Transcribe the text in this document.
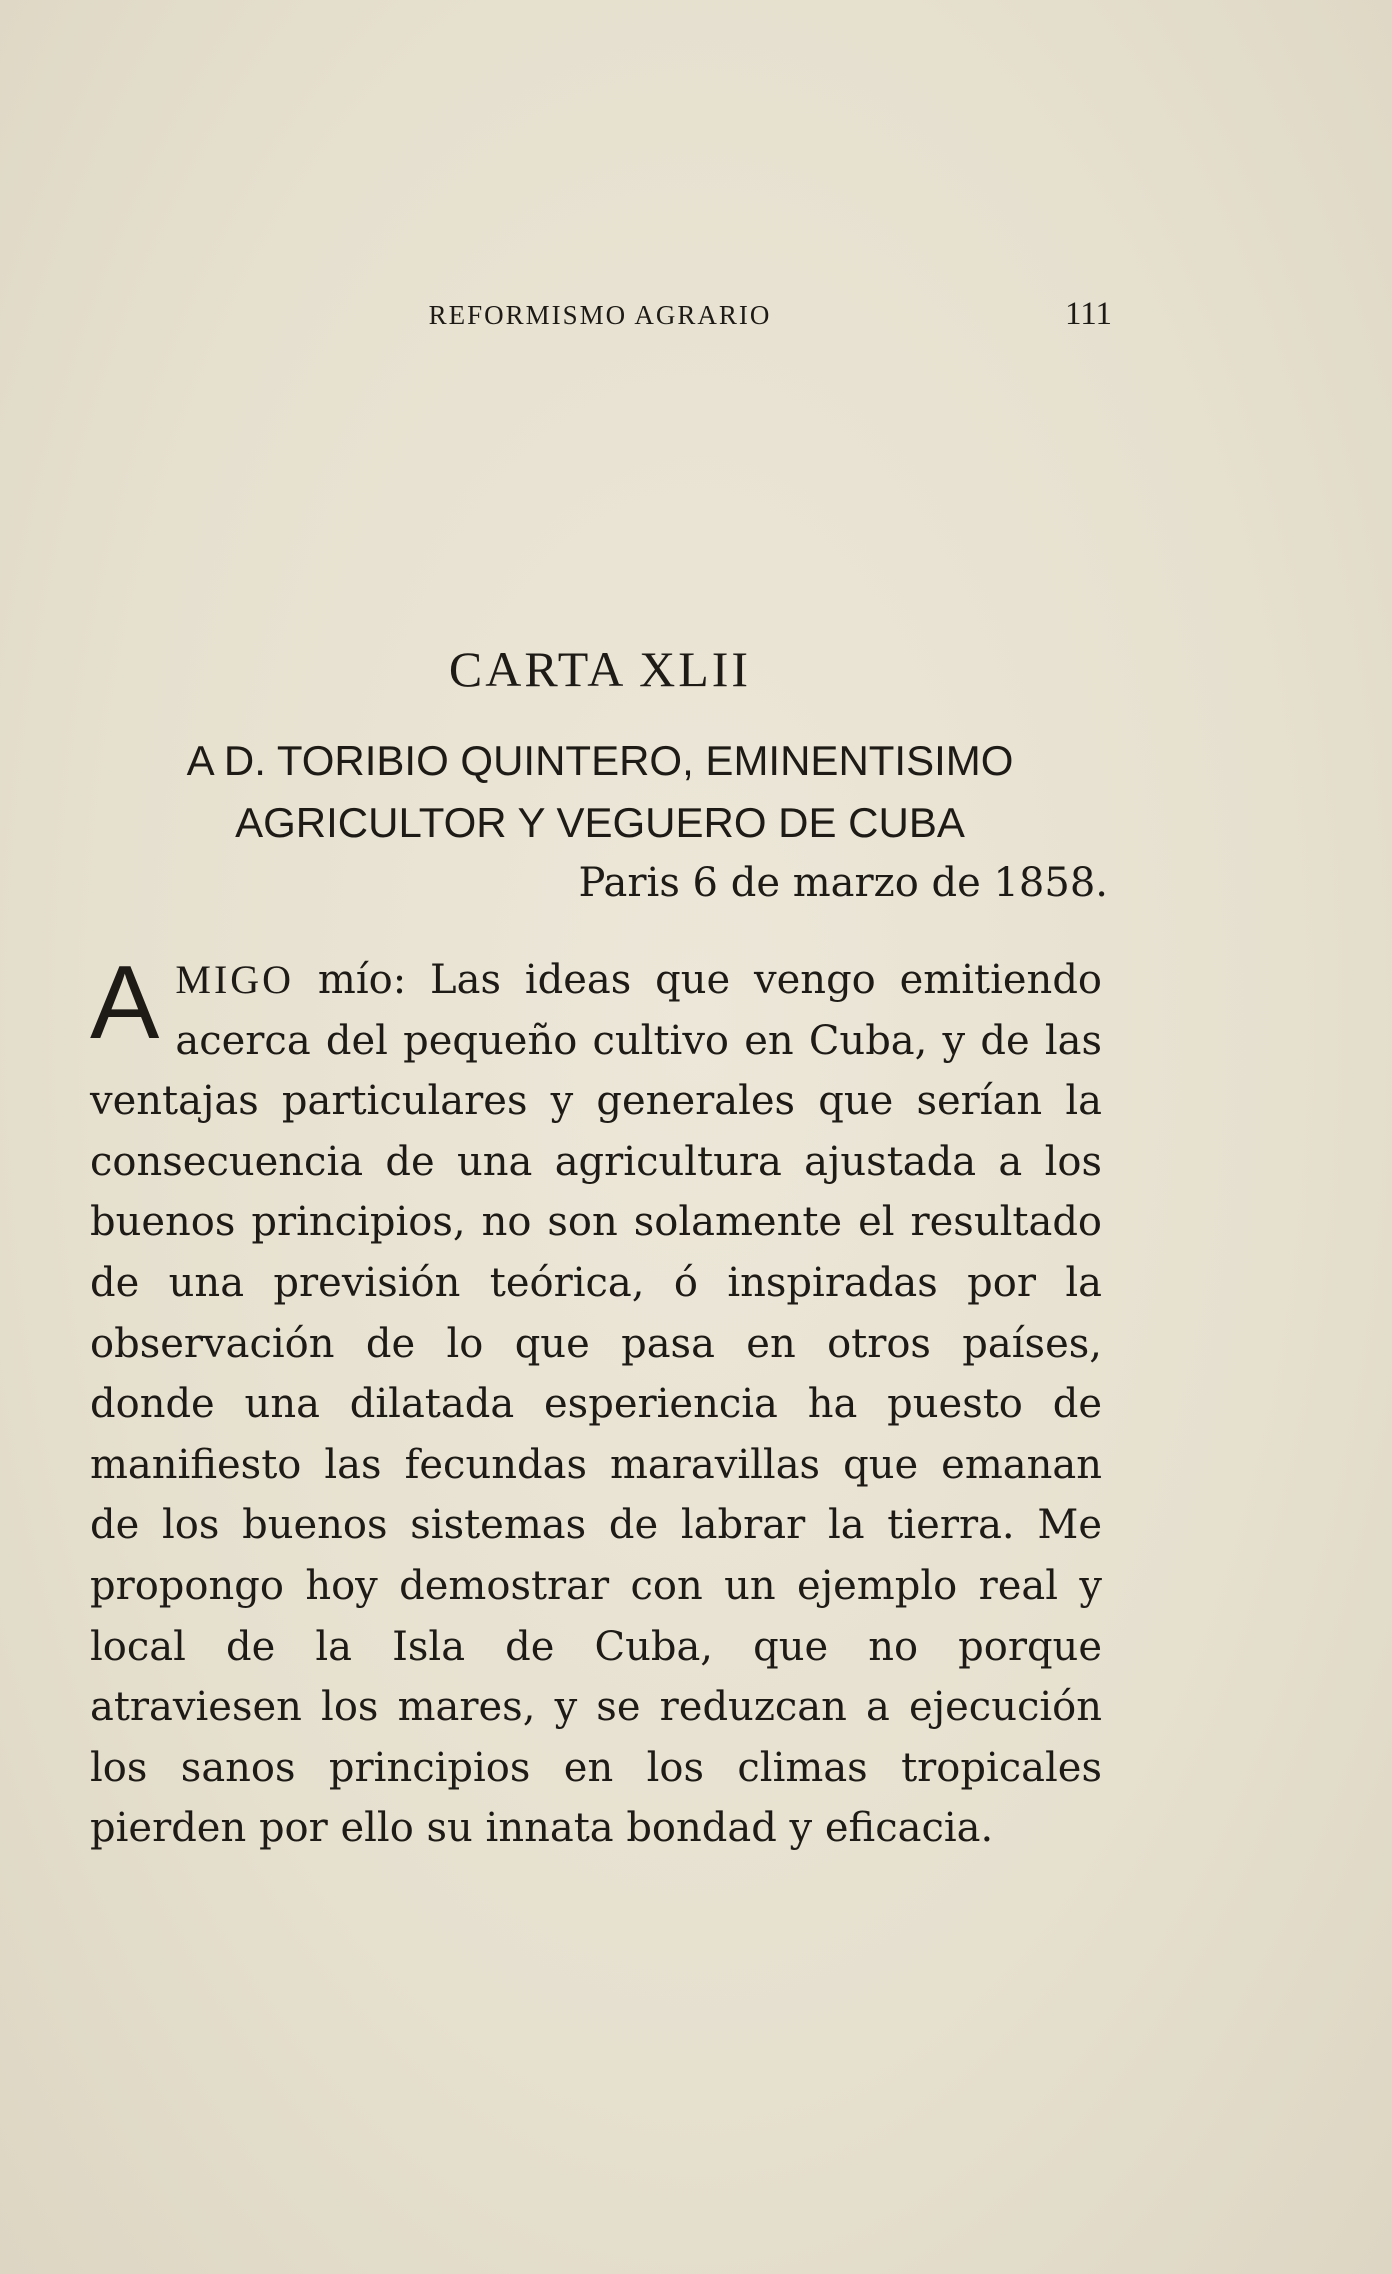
REFORMISMO AGRARIO	111
CARTA XLII
A D. TORIBIO QUINTERO, EMINENTISIMO
AGRICULTOR Y VEGUERO DE CUBA
Paris 6 de marzo de 1858.
AMIGO mío: Las ideas que vengo emitiendo acerca del pequeño cultivo en Cuba, y de las ventajas particulares y generales que serían la consecuencia de una agricultura ajustada a los buenos principios, no son solamente el resultado de una previsión teórica, ó inspiradas por la observación de lo que pasa en otros países, donde una dilatada esperiencia ha puesto de manifiesto las fecundas maravillas que emanan de los buenos sistemas de labrar la tierra. Me propongo hoy demostrar con un ejemplo real y local de la Isla de Cuba, que no porque atraviesen los mares, y se reduzcan a ejecución los sanos principios en los climas tropicales pierden por ello su innata bondad y eficacia.
